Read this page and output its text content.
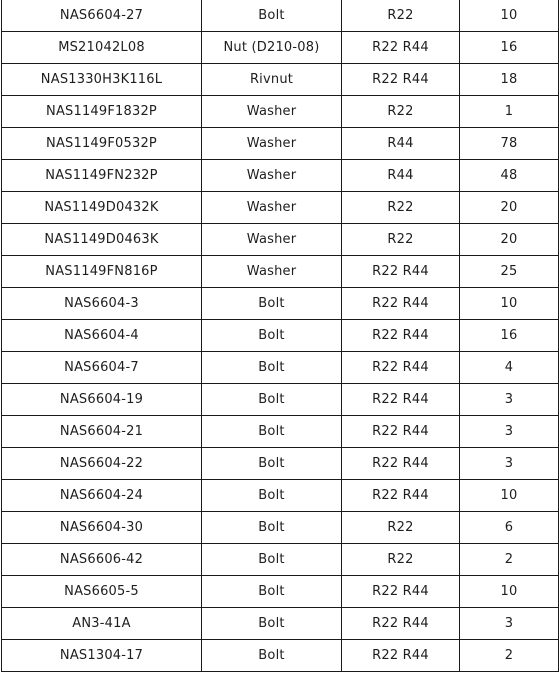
NAS6604-27	Bolt	R22	10
MS21042L08	Nut (D210-08)	R22 R44	16
NAS1330H3K116L	Rivnut	R22 R44	18
NAS1149F1832P	Washer	R22	1
NAS1149F0532P	Washer	R44	78
NAS1149FN232P	Washer	R44	48
NAS1149D0432K	Washer	R22	20
NAS1149D0463K	Washer	R22	20
NAS1149FN816P	Washer	R22 R44	25
NAS6604-3	Bolt	R22 R44	10
NAS6604-4	Bolt	R22 R44	16
NAS6604-7	Bolt	R22 R44	4
NAS6604-19	Bolt	R22 R44	3
NAS6604-21	Bolt	R22 R44	3
NAS6604-22	Bolt	R22 R44	3
NAS6604-24	Bolt	R22 R44	10
NAS6604-30	Bolt	R22	6
NAS6606-42	Bolt	R22	2
NAS6605-5	Bolt	R22 R44	10
AN3-41A	Bolt	R22 R44	3
NAS1304-17	Bolt	R22 R44	2
